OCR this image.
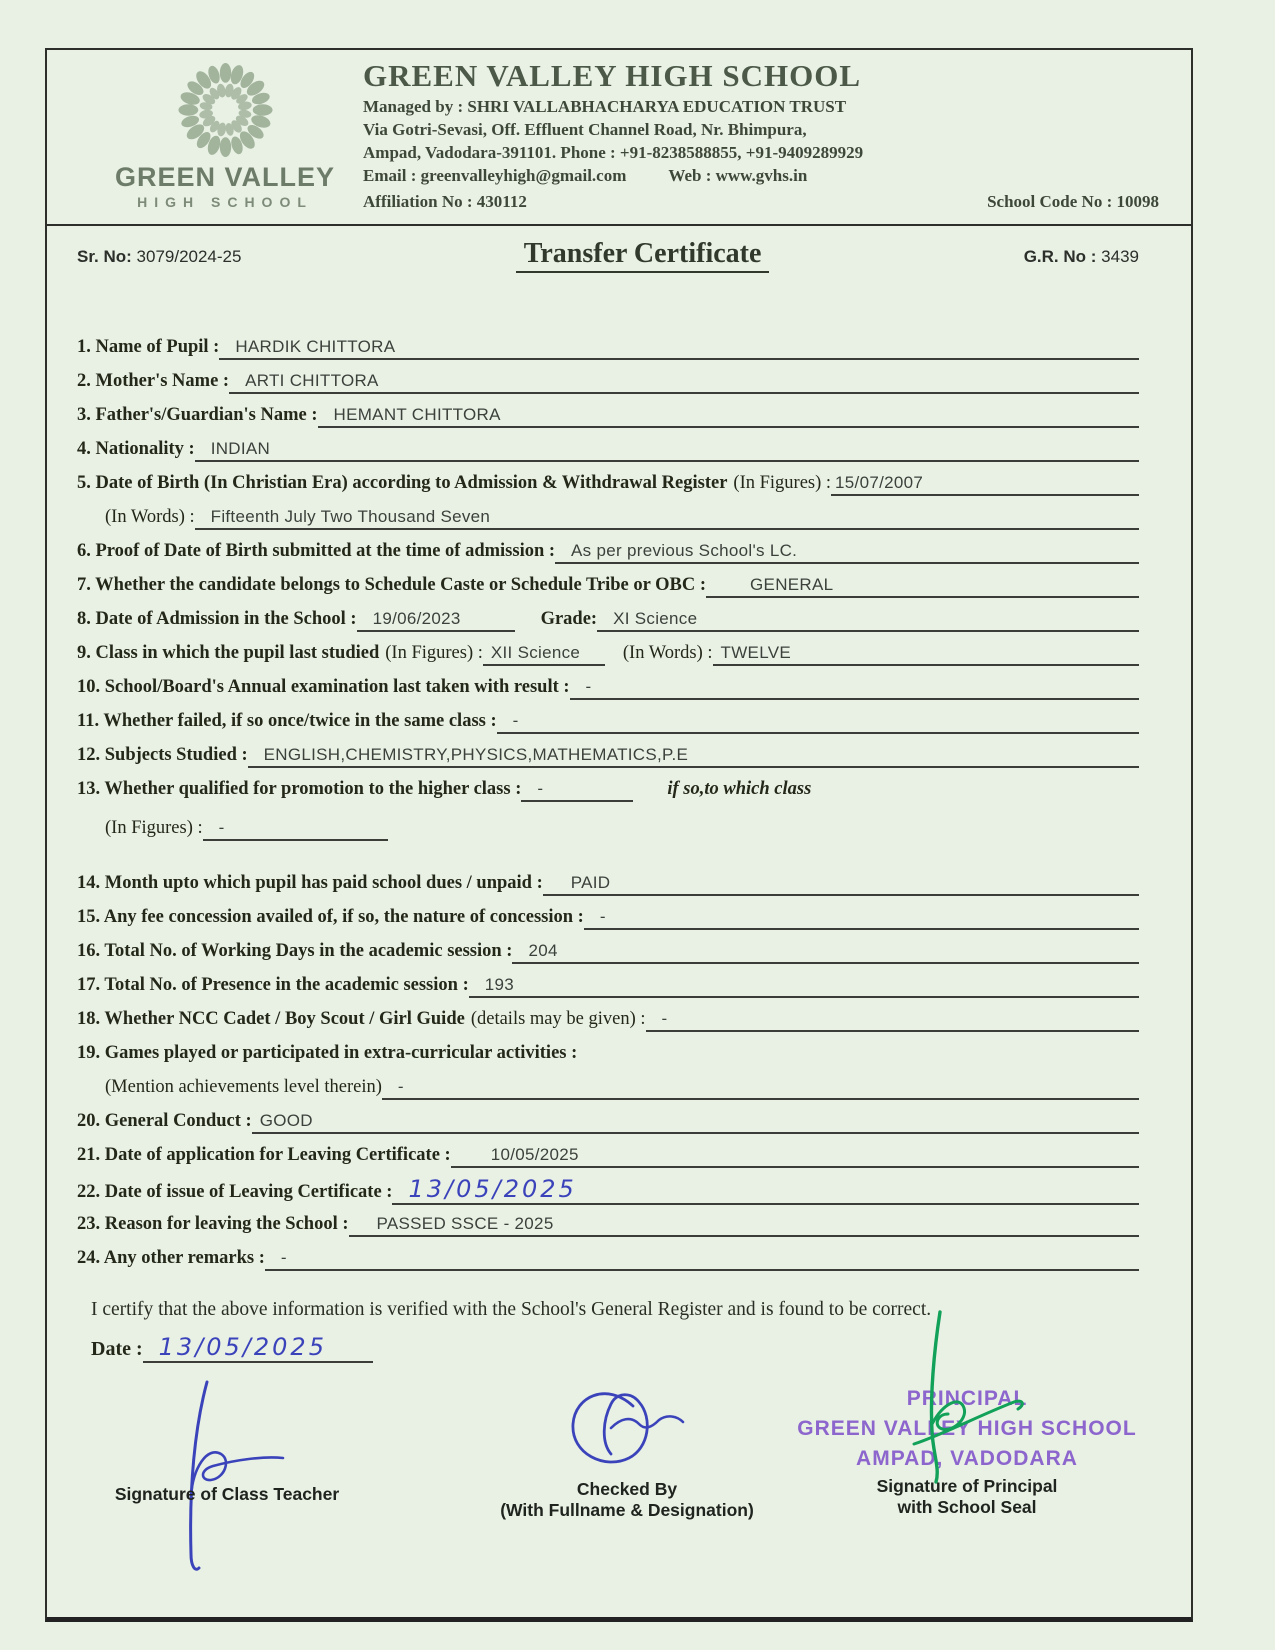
GREEN VALLEY
HIGH SCHOOL
GREEN VALLEY HIGH SCHOOL
Managed by : SHRI VALLABHACHARYA EDUCATION TRUST
Via Gotri-Sevasi, Off. Effluent Channel Road, Nr. Bhimpura,
Ampad, Vadodara-391101. Phone : +91-8238588855, +91-9409289929
Email : greenvalleyhigh@gmail.com Web : www.gvhs.in
Affiliation No : 430112	School Code No : 10098
Sr. No: 3079/2024-25	Transfer Certificate	G.R. No : 3439
1. Name of Pupil : HARDIK CHITTORA
2. Mother's Name : ARTI CHITTORA
3. Father's/Guardian's Name : HEMANT CHITTORA
4. Nationality : INDIAN
5. Date of Birth (In Christian Era) according to Admission & Withdrawal Register (In Figures) : 15/07/2007
(In Words) : Fifteenth July Two Thousand Seven
6. Proof of Date of Birth submitted at the time of admission : As per previous School's LC.
7. Whether the candidate belongs to Schedule Caste or Schedule Tribe or OBC :	GENERAL
8. Date of Admission in the School : 19/06/2023	Grade: XI Science
9. Class in which the pupil last studied (In Figures) : XII Science	(In Words) : TWELVE
10. School/Board's Annual examination last taken with result : -
11. Whether failed, if so once/twice in the same class : -
12. Subjects Studied : ENGLISH,CHEMISTRY,PHYSICS,MATHEMATICS,P.E
13. Whether qualified for promotion to the higher class : -	if so,to which class
(In Figures) : -
14. Month upto which pupil has paid school dues / unpaid :	PAID
15. Any fee concession availed of, if so, the nature of concession : -
16. Total No. of Working Days in the academic session : 204
17. Total No. of Presence in the academic session : 193
18. Whether NCC Cadet / Boy Scout / Girl Guide (details may be given) : -
19. Games played or participated in extra-curricular activities :
(Mention achievements level therein) -
20. General Conduct : GOOD
21. Date of application for Leaving Certificate :	10/05/2025
22. Date of issue of Leaving Certificate : 13/05/2025
23. Reason for leaving the School :	PASSED SSCE - 2025
24. Any other remarks : -
I certify that the above information is verified with the School's General Register and is found to be correct.
Date : 13/05/2025
Signature of Class Teacher	Checked By
(With Fullname & Designation)
PRINCIPAL
GREEN VALLEY HIGH SCHOOL
AMPAD, VADODARA
Signature of Principal
with School Seal
